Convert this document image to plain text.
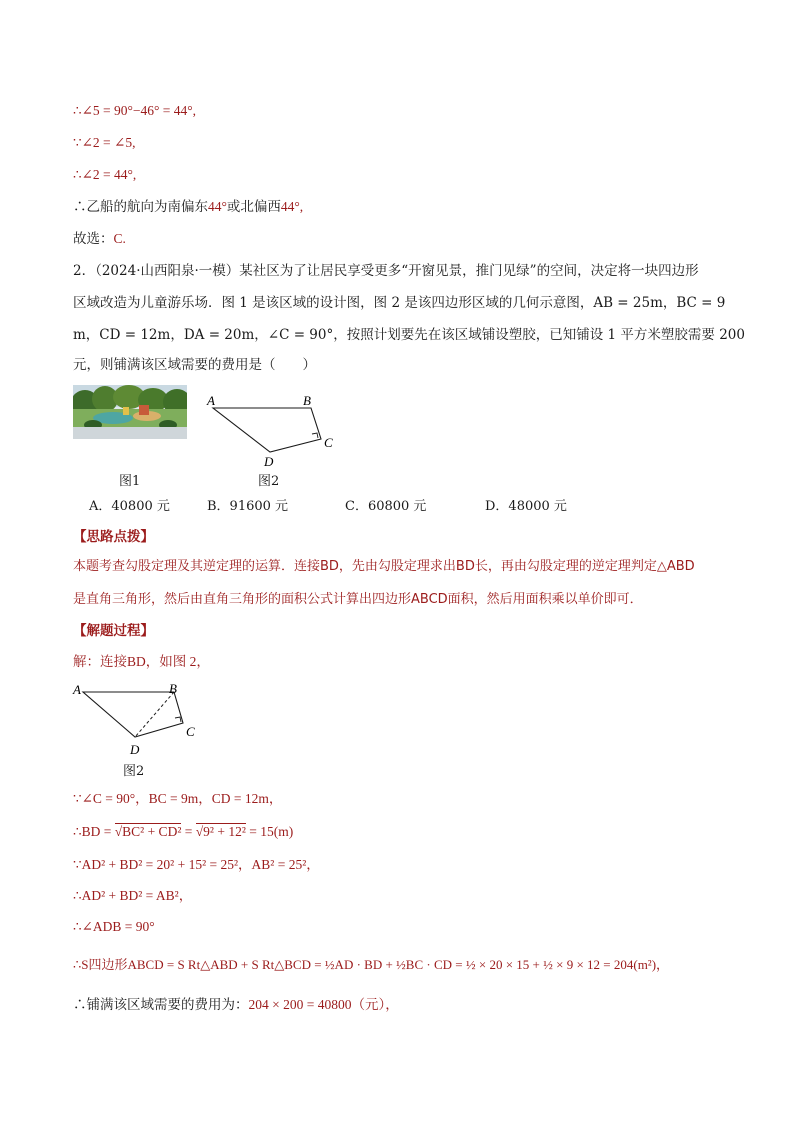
∴∠5 = 90°−46° = 44°,
∵∠2 = ∠5,
∴∠2 = 44°,
∴乙船的航向为南偏东44°或北偏西44°,
故选：C.
2．（2024·山西阳泉·一模）某社区为了让居民享受更多“开窗见景，推门见绿”的空间，决定将一块四边形
区域改造为儿童游乐场．图 1 是该区域的设计图，图 2 是该四边形区域的几何示意图，AB = 25m，BC = 9
m，CD = 12m，DA = 20m，∠C = 90°，按照计划要先在该区域铺设塑胶，已知铺设 1 平方米塑胶需要 200
元，则铺满该区域需要的费用是（　　）
图1
A	B
C
D
图2
A．40800 元	B．91600 元	C．60800 元	D．48000 元
【思路点拨】
本题考查勾股定理及其逆定理的运算．连接BD，先由勾股定理求出BD长，再由勾股定理的逆定理判定△ABD
是直角三角形，然后由直角三角形的面积公式计算出四边形ABCD面积，然后用面积乘以单价即可．
【解题过程】
解：连接BD，如图 2，
A	B
C
D
图2
∵∠C = 90°，BC = 9m，CD = 12m，
∴BD = √BC² + CD² = √9² + 12² = 15(m)
∵AD² + BD² = 20² + 15² = 25²，AB² = 25²，
∴AD² + BD² = AB²，
∴∠ADB = 90°
∴S四边形ABCD = S Rt△ABD + S Rt△BCD = ½AD · BD + ½BC · CD = ½ × 20 × 15 + ½ × 9 × 12 = 204(m²)，
∴铺满该区域需要的费用为：204 × 200 = 40800（元），
